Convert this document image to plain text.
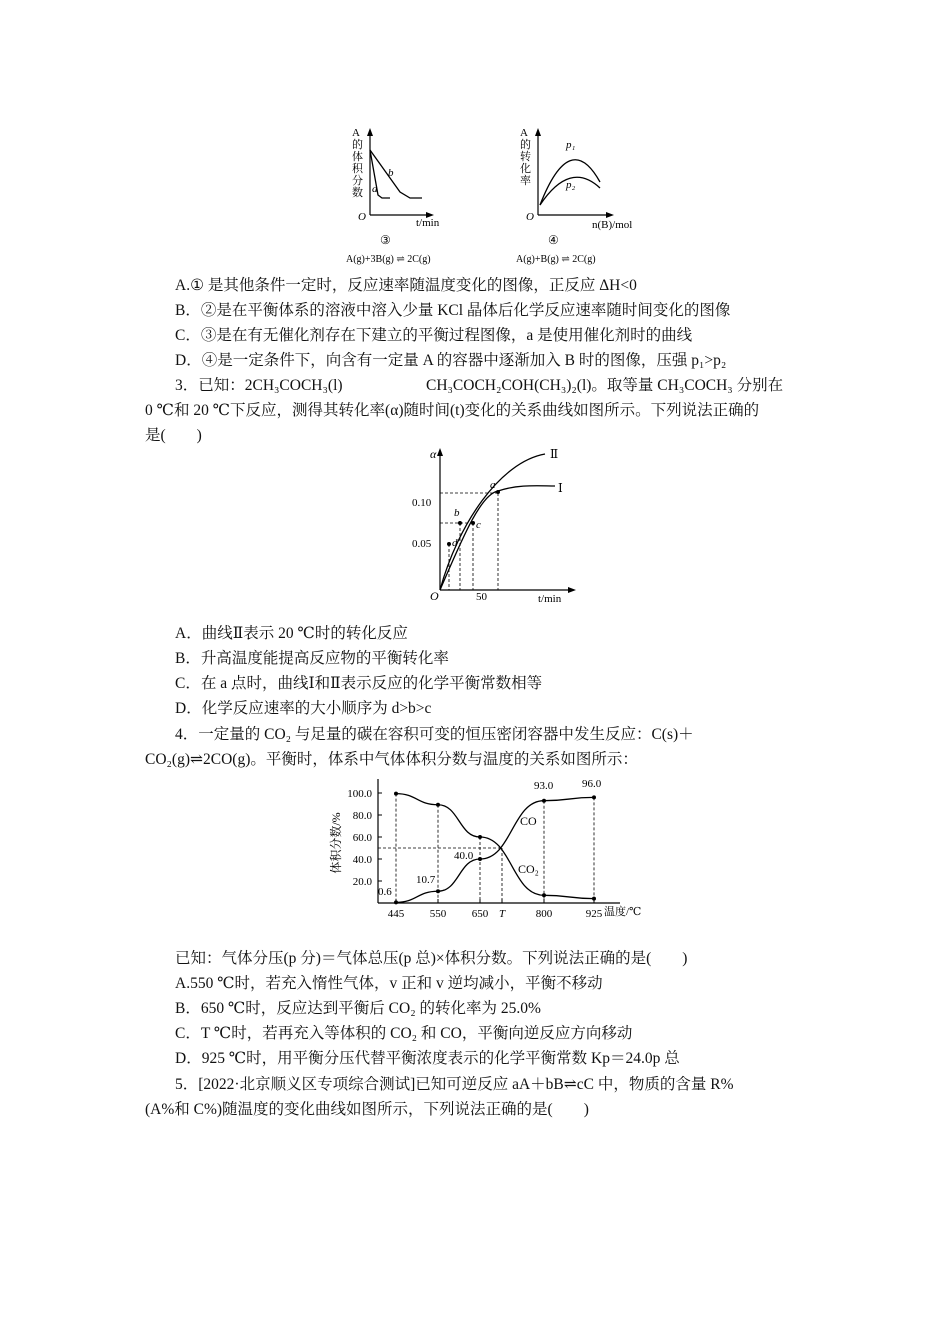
A
的
体
积
分
数
b
a
O	t/min
③
A(g)+3B(g) ⇌ 2C(g)
A
的
转
化
率
p₁
p₂
O
n(B)/mol
④
A(g)+B(g) ⇌ 2C(g)
A.① 是其他条件一定时，反应速率随温度变化的图像，正反应 ΔH<0
B．②是在平衡体系的溶液中溶入少量 KCl 晶体后化学反应速率随时间变化的图像
C．③是在有无催化剂存在下建立的平衡过程图像，a 是使用催化剂时的曲线
D．④是一定条件下，向含有一定量 A 的容器中逐渐加入 B 时的图像，压强 p₁>p₂
3．已知：2CH₃COCH₃(l)	CH₃COCH₂COH(CH₃)₂(l)。取等量 CH₃COCH₃ 分别在
0 ℃和 20 ℃下反应，测得其转化率(α)随时间(t)变化的关系曲线如图所示。下列说法正确的
是(　　)
α
t/min
O
0.05
0.10
50
Ⅱ
Ⅰ
a
b
c
d
A．曲线Ⅱ表示 20 ℃时的转化反应
B．升高温度能提高反应物的平衡转化率
C．在 a 点时，曲线Ⅰ和Ⅱ表示反应的化学平衡常数相等
D．化学反应速率的大小顺序为 d>b>c
4．一定量的 CO₂ 与足量的碳在容积可变的恒压密闭容器中发生反应：C(s)＋
CO₂(g)⇌2CO(g)。平衡时，体系中气体体积分数与温度的关系如图所示：
体积分数/%
温度/℃
20.0
40.0
60.0
80.0
100.0
445 550 650 T	800	925
CO
CO₂
0.6
10.7
40.0
93.0	96.0
已知：气体分压(p 分)＝气体总压(p 总)×体积分数。下列说法正确的是(　　)
A.550 ℃时，若充入惰性气体，v 正和 v 逆均减小，平衡不移动
B．650 ℃时，反应达到平衡后 CO₂ 的转化率为 25.0%
C．T ℃时，若再充入等体积的 CO₂ 和 CO，平衡向逆反应方向移动
D．925 ℃时，用平衡分压代替平衡浓度表示的化学平衡常数 Kp＝24.0p 总
5．[2022·北京顺义区专项综合测试]已知可逆反应 aA＋bB⇌cC 中，物质的含量 R%
(A%和 C%)随温度的变化曲线如图所示，下列说法正确的是(　　)
